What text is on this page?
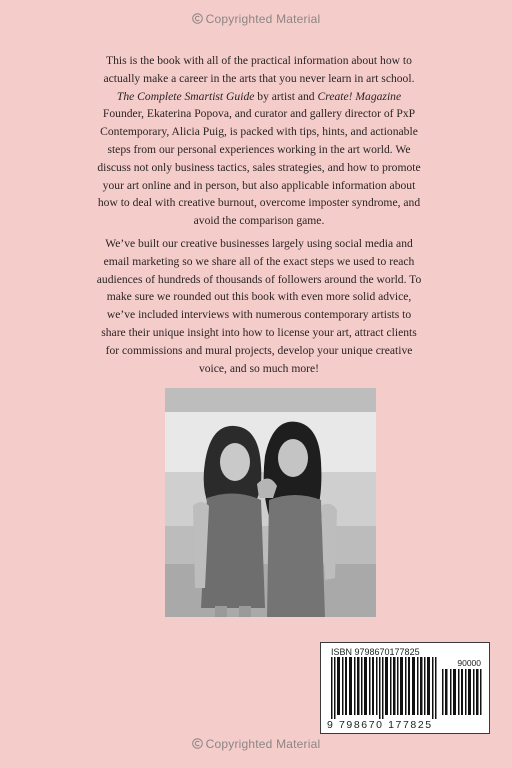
Copyrighted Material

This is the book with all of the practical information about how to actually make a career in the arts that you never learn in art school. The Complete Smartist Guide by artist and Create! Magazine Founder, Ekaterina Popova, and curator and gallery director of PxP Contemporary, Alicia Puig, is packed with tips, hints, and actionable steps from our personal experiences working in the art world. We discuss not only business tactics, sales strategies, and how to promote your art online and in person, but also applicable information about how to deal with creative burnout, overcome imposter syndrome, and avoid the comparison game.

We’ve built our creative businesses largely using social media and email marketing so we share all of the exact steps we used to reach audiences of hundreds of thousands of followers around the world. To make sure we rounded out this book with even more solid advice, we’ve included interviews with numerous contemporary artists to share their unique insight into how to license your art, attract clients for commissions and mural projects, develop your unique creative voice, and so much more!

ISBN 9798670177825
90000
9 798670 177825
Copyrighted Material
